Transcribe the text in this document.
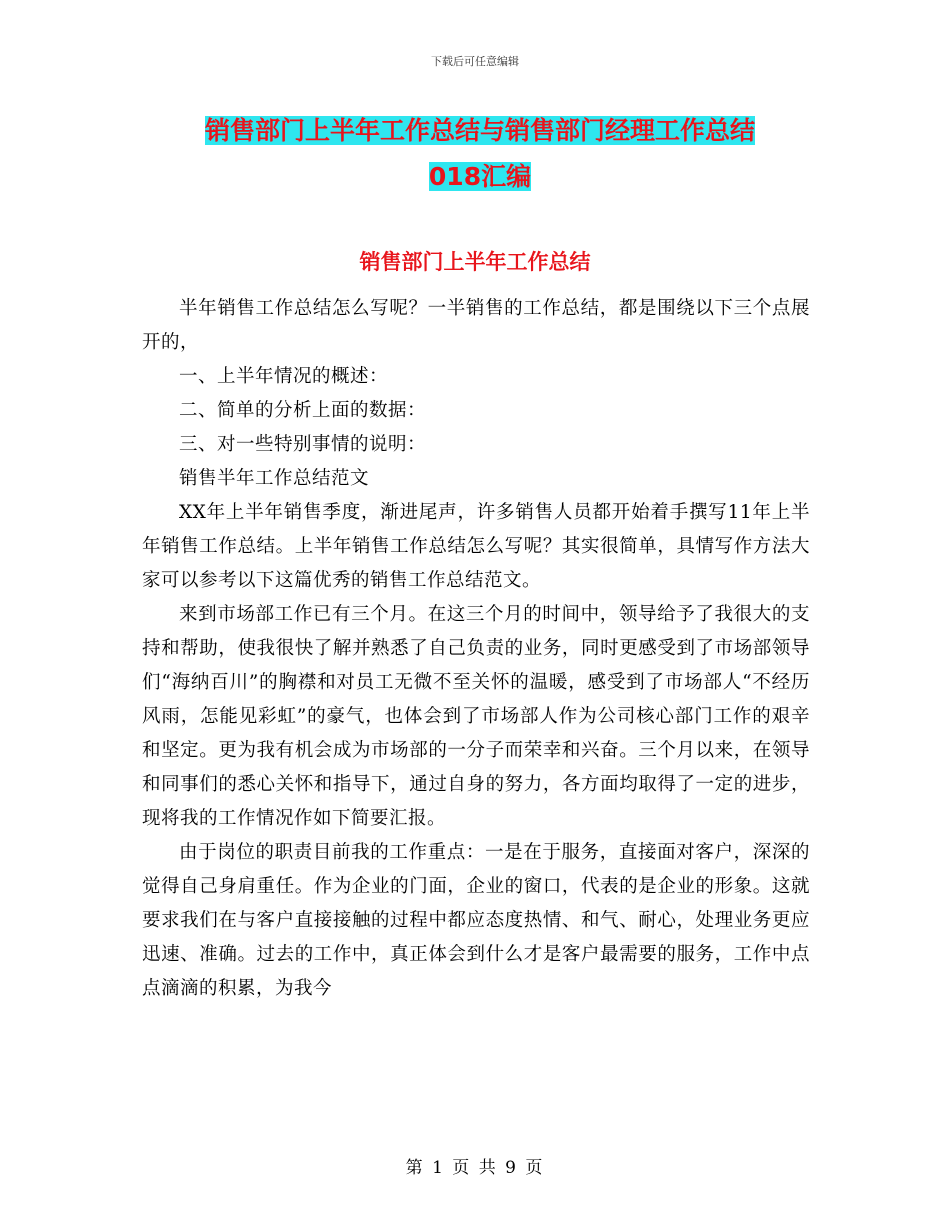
下载后可任意编辑
销售部门上半年工作总结与销售部门经理工作总结
018汇编
销售部门上半年工作总结

半年销售工作总结怎么写呢？一半销售的工作总结，都是围绕以下三个点展开的，

一、上半年情况的概述：

二、简单的分析上面的数据：

三、对一些特别事情的说明：

销售半年工作总结范文

XX年上半年销售季度，渐进尾声，许多销售人员都开始着手撰写11年上半年销售工作总结。上半年销售工作总结怎么写呢？其实很简单，具情写作方法大家可以参考以下这篇优秀的销售工作总结范文。

来到市场部工作已有三个月。在这三个月的时间中，领导给予了我很大的支持和帮助，使我很快了解并熟悉了自己负责的业务，同时更感受到了市场部领导们“海纳百川”的胸襟和对员工无微不至关怀的温暖，感受到了市场部人“不经历风雨，怎能见彩虹”的豪气，也体会到了市场部人作为公司核心部门工作的艰辛和坚定。更为我有机会成为市场部的一分子而荣幸和兴奋。三个月以来，在领导和同事们的悉心关怀和指导下，通过自身的努力，各方面均取得了一定的进步，现将我的工作情况作如下简要汇报。

由于岗位的职责目前我的工作重点：一是在于服务，直接面对客户，深深的觉得自己身肩重任。作为企业的门面，企业的窗口，代表的是企业的形象。这就要求我们在与客户直接接触的过程中都应态度热情、和气、耐心，处理业务更应迅速、准确。过去的工作中，真正体会到什么才是客户最需要的服务，工作中点点滴滴的积累，为我今

第 1 页 共 9 页
